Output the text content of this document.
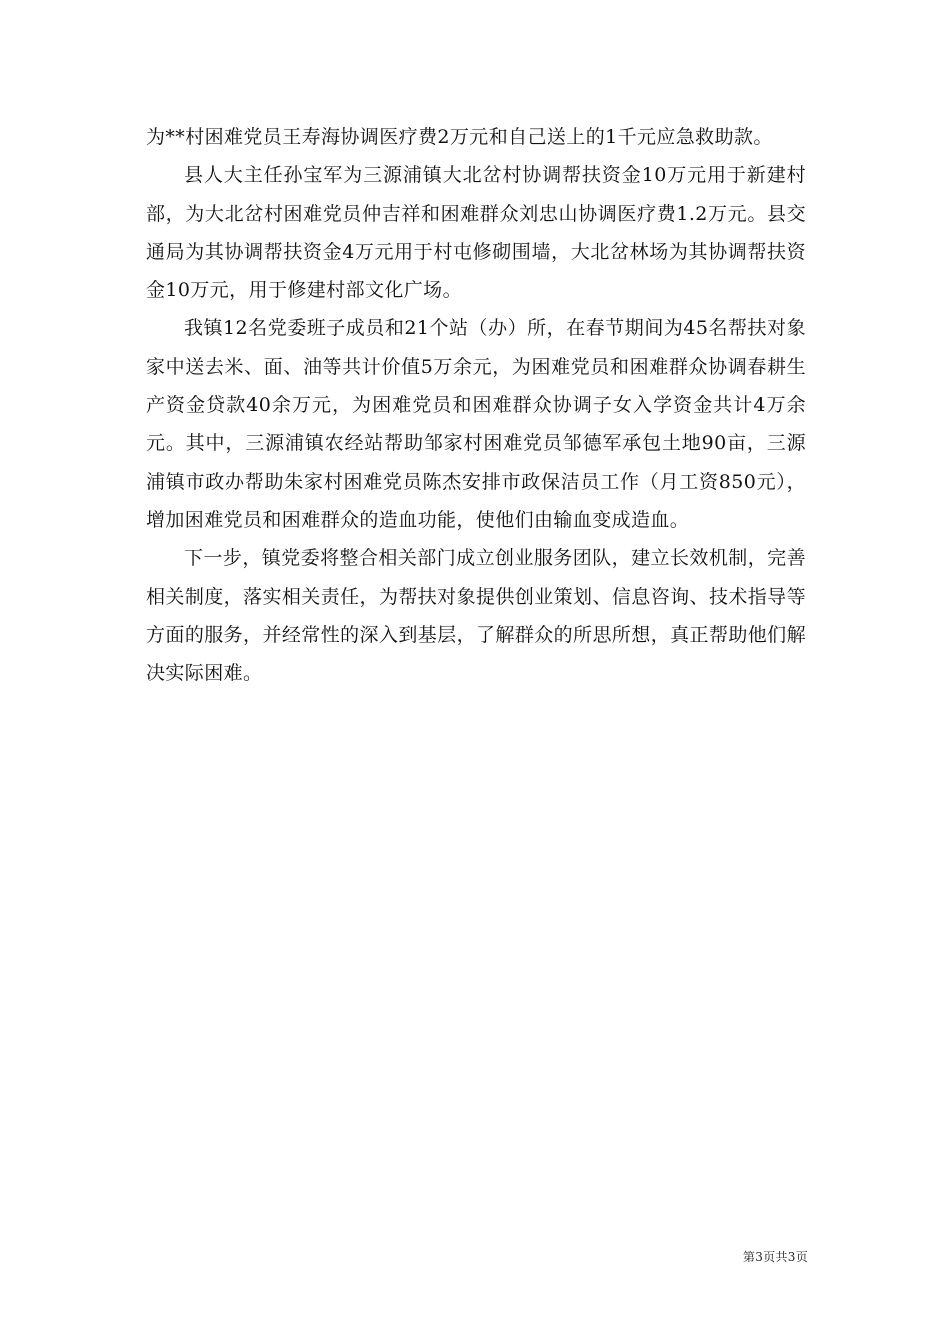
为**村困难党员王寿海协调医疗费2万元和自己送上的1千元应急救助款。

县人大主任孙宝军为三源浦镇大北岔村协调帮扶资金10万元用于新建村部，为大北岔村困难党员仲吉祥和困难群众刘忠山协调医疗费1.2万元。县交通局为其协调帮扶资金4万元用于村屯修砌围墙，大北岔林场为其协调帮扶资金10万元，用于修建村部文化广场。

我镇12名党委班子成员和21个站（办）所，在春节期间为45名帮扶对象家中送去米、面、油等共计价值5万余元，为困难党员和困难群众协调春耕生产资金贷款40余万元，为困难党员和困难群众协调子女入学资金共计4万余元。其中，三源浦镇农经站帮助邹家村困难党员邹德军承包土地90亩，三源浦镇市政办帮助朱家村困难党员陈杰安排市政保洁员工作（月工资850元），增加困难党员和困难群众的造血功能，使他们由输血变成造血。

下一步，镇党委将整合相关部门成立创业服务团队，建立长效机制，完善相关制度，落实相关责任，为帮扶对象提供创业策划、信息咨询、技术指导等方面的服务，并经常性的深入到基层，了解群众的所思所想，真正帮助他们解决实际困难。

第3页共3页
